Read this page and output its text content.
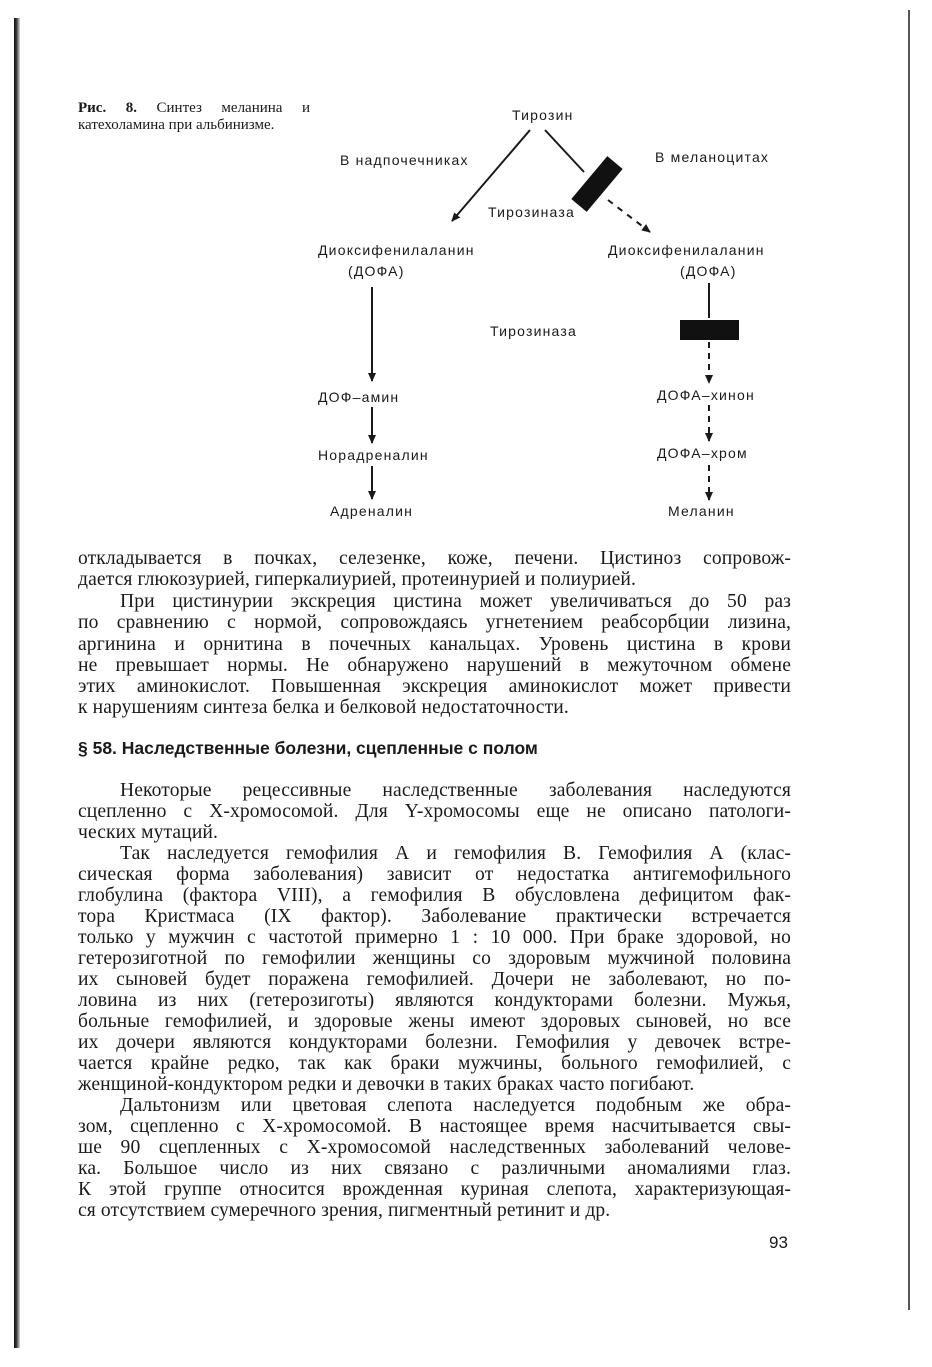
Рис. 8. Синтез меланина и катехоламина при альбинизме.
Тирозин
В надпочечниках	В меланоцитах
Тирозиназа
Диоксифенилаланин
(ДОФА)
Диоксифенилаланин
(ДОФА)
Тирозиназа
ДОФ–амин
Норадреналин
Адреналин
ДОФА–хинон
ДОФА–хром
Меланин

откладывается в почках, селезенке, коже, печени. Цистиноз сопровож-

дается глюкозурией, гиперкалиурией, протеинурией и полиурией.

При цистинурии экскреция цистина может увеличиваться до 50 раз

по сравнению с нормой, сопровождаясь угнетением реабсорбции лизина,

аргинина и орнитина в почечных канальцах. Уровень цистина в крови

не превышает нормы. Не обнаружено нарушений в межуточном обмене

этих аминокислот. Повышенная экскреция аминокислот может привести

к нарушениям синтеза белка и белковой недостаточности.

§ 58. Наследственные болезни, сцепленные с полом

Некоторые рецессивные наследственные заболевания наследуются

сцепленно с Х-хромосомой. Для Y-хромосомы еще не описано патологи-

ческих мутаций.

Так наследуется гемофилия А и гемофилия В. Гемофилия А (клас-

сическая форма заболевания) зависит от недостатка антигемофильного

глобулина (фактора VIII), а гемофилия В обусловлена дефицитом фак-

тора Кристмаса (IX фактор). Заболевание практически встречается

только у мужчин с частотой примерно 1 : 10 000. При браке здоровой, но

гетерозиготной по гемофилии женщины со здоровым мужчиной половина

их сыновей будет поражена гемофилией. Дочери не заболевают, но по-

ловина из них (гетерозиготы) являются кондукторами болезни. Мужья,

больные гемофилией, и здоровые жены имеют здоровых сыновей, но все

их дочери являются кондукторами болезни. Гемофилия у девочек встре-

чается крайне редко, так как браки мужчины, больного гемофилией, с

женщиной-кондуктором редки и девочки в таких браках часто погибают.

Дальтонизм или цветовая слепота наследуется подобным же обра-

зом, сцепленно с Х-хромосомой. В настоящее время насчитывается свы-

ше 90 сцепленных с Х-хромосомой наследственных заболеваний челове-

ка. Большое число из них связано с различными аномалиями глаз.

К этой группе относится врожденная куриная слепота, характеризующая-

ся отсутствием сумеречного зрения, пигментный ретинит и др.

93
